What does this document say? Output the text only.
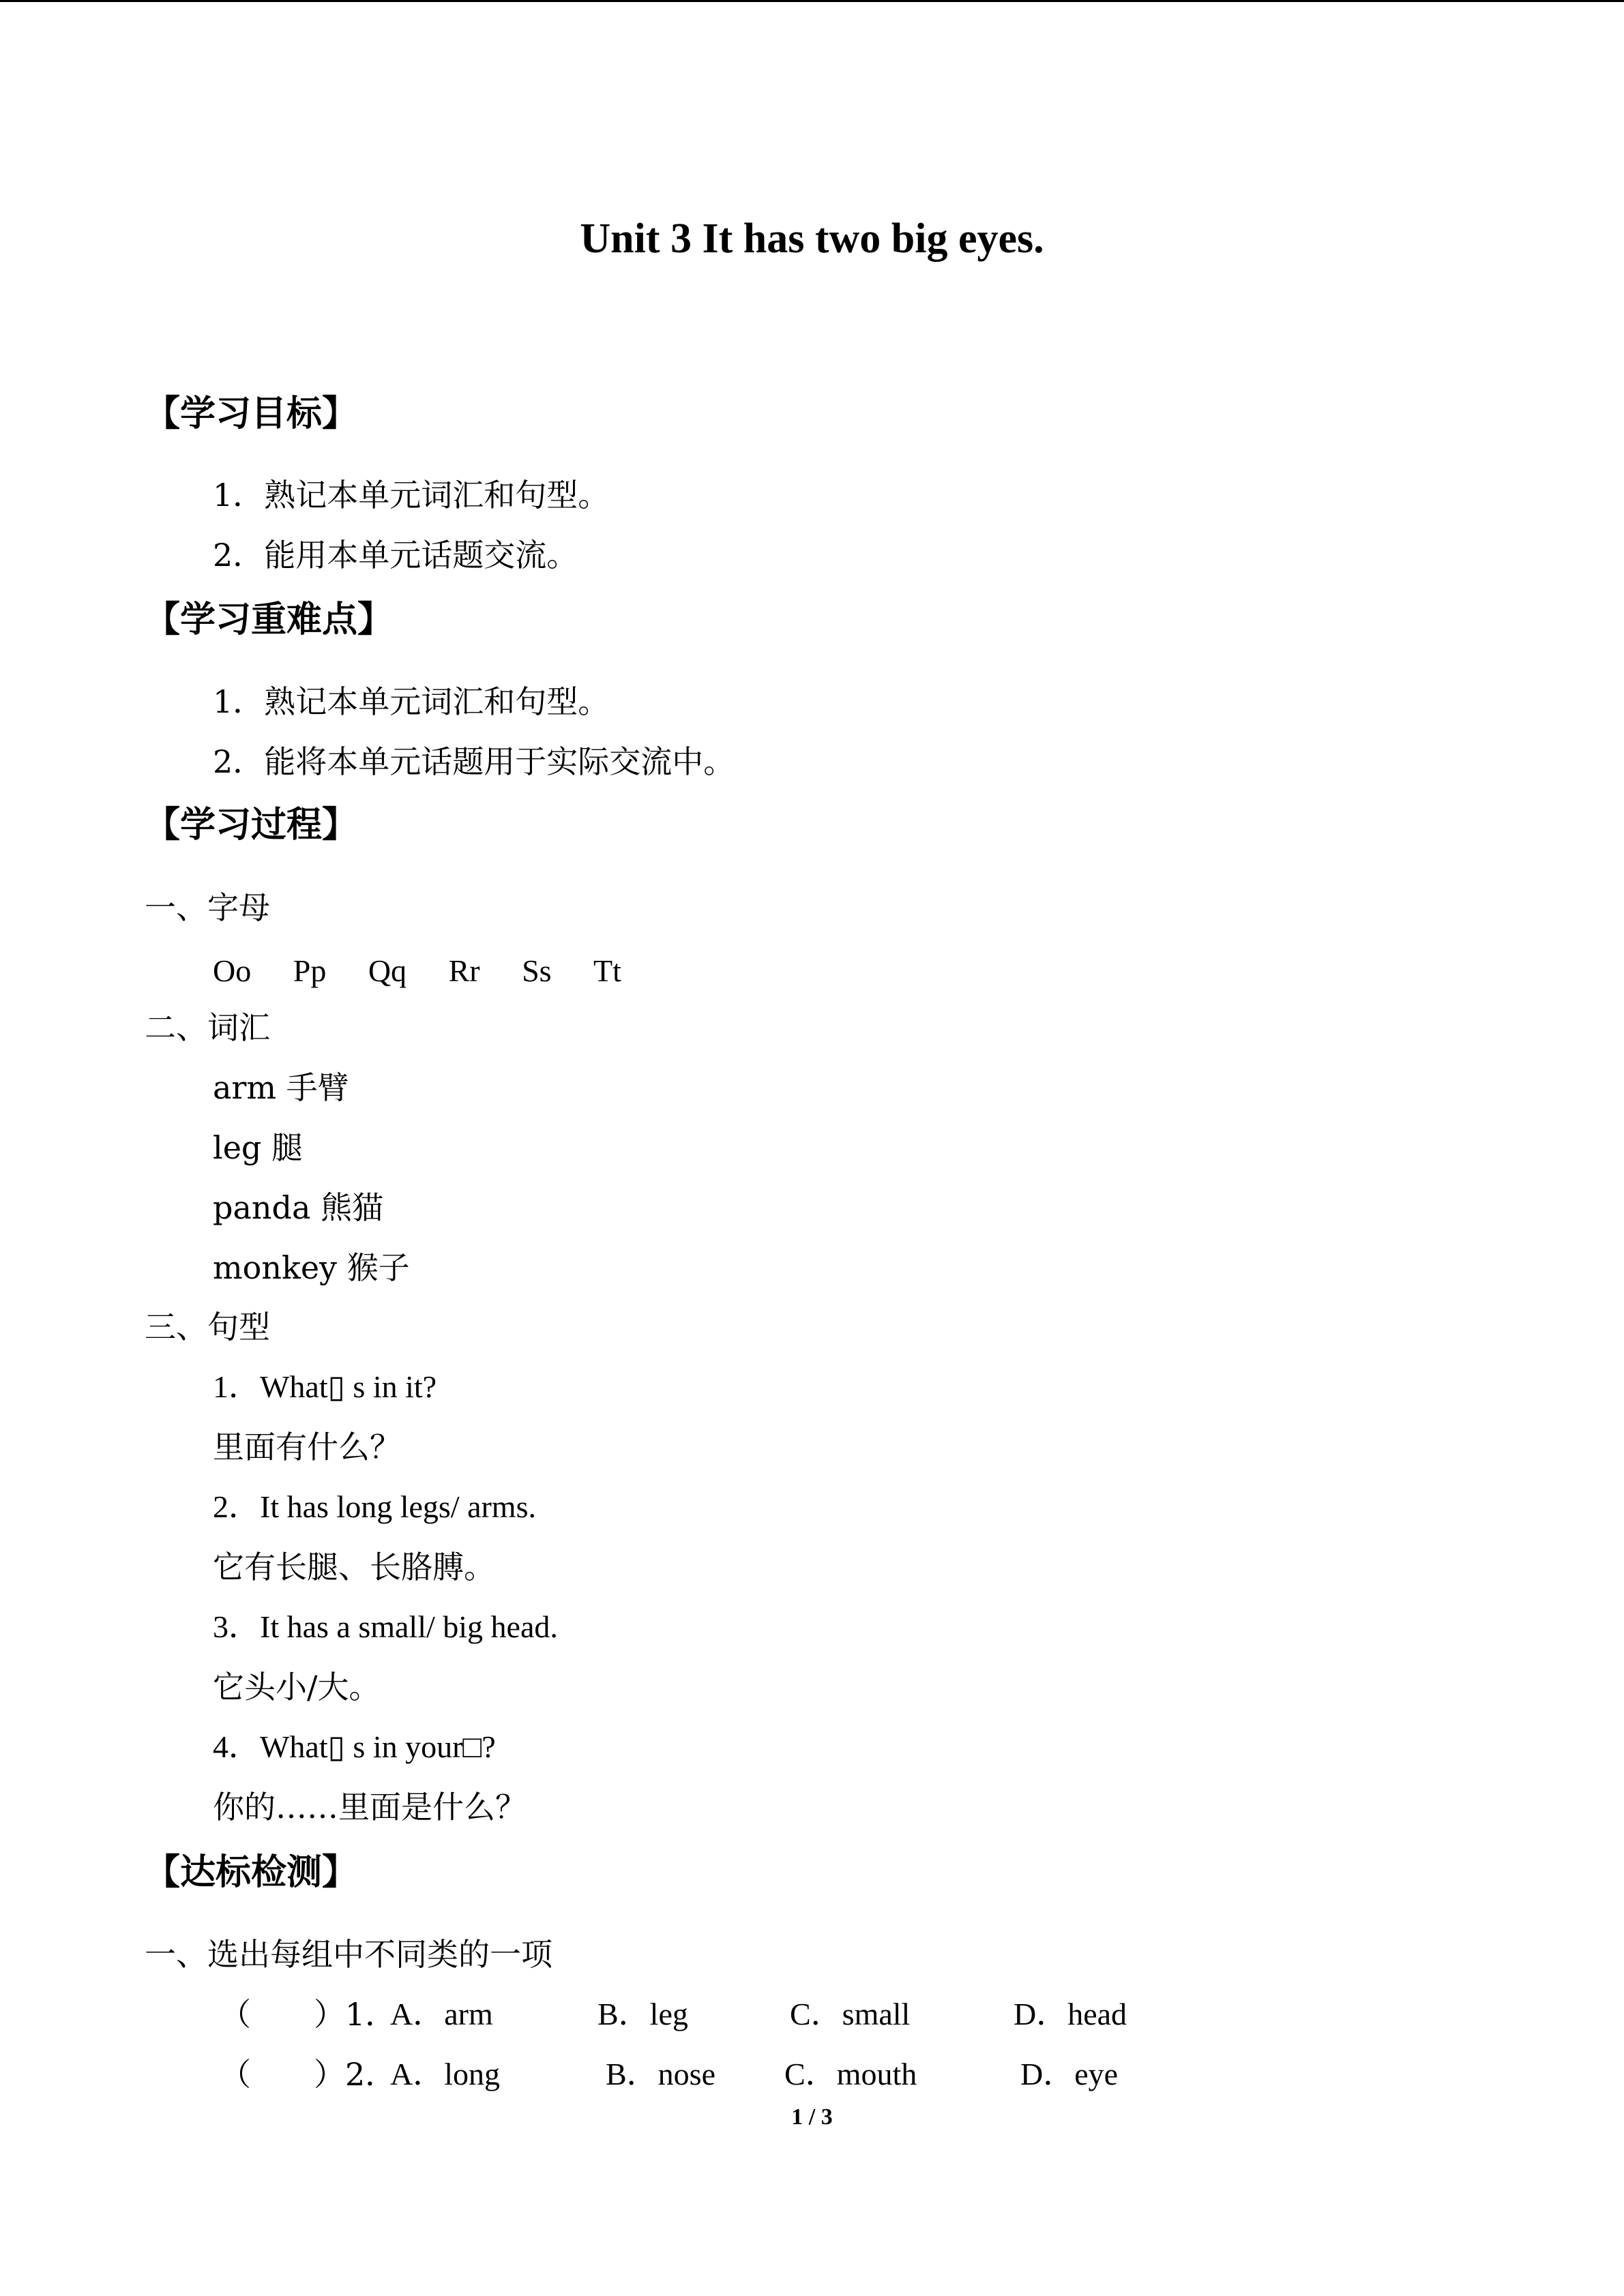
Unit 3 It has two big eyes.
【学习目标】
1．熟记本单元词汇和句型。
2．能用本单元话题交流。
【学习重难点】
1．熟记本单元词汇和句型。
2．能将本单元话题用于实际交流中。
【学习过程】
一、字母
Oo Pp Qq Rr Ss Tt
二、词汇
arm 手臂
leg 腿
panda 熊猫
monkey 猴子
三、句型
1．What▯ s in it?
里面有什么？
2．It has long legs/ arms.
它有长腿、长胳膊。
3．It has a small/ big head.
它头小/大。
4．What▯ s in your□?
你的……里面是什么？
【达标检测】
一、选出每组中不同类的一项
（　　）1．
A．arm	B．leg	C．small	D．head
（　　）2．
A．long	B．nose C．mouth	D．eye
1 / 3
